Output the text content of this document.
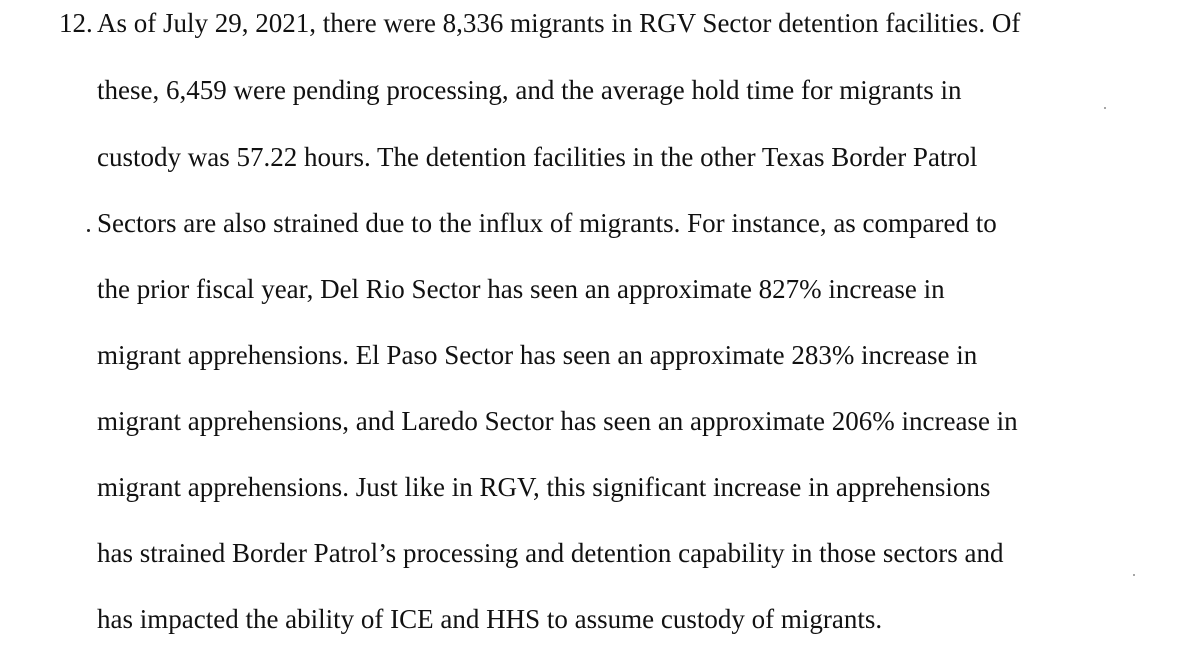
12. As of July 29, 2021, there were 8,336 migrants in RGV Sector detention facilities. Of

these, 6,459 were pending processing, and the average hold time for migrants in

custody was 57.22 hours. The detention facilities in the other Texas Border Patrol

Sectors are also strained due to the influx of migrants. For instance, as compared to

the prior fiscal year, Del Rio Sector has seen an approximate 827% increase in

migrant apprehensions. El Paso Sector has seen an approximate 283% increase in

migrant apprehensions, and Laredo Sector has seen an approximate 206% increase in

migrant apprehensions. Just like in RGV, this significant increase in apprehensions

has strained Border Patrol’s processing and detention capability in those sectors and

has impacted the ability of ICE and HHS to assume custody of migrants.
